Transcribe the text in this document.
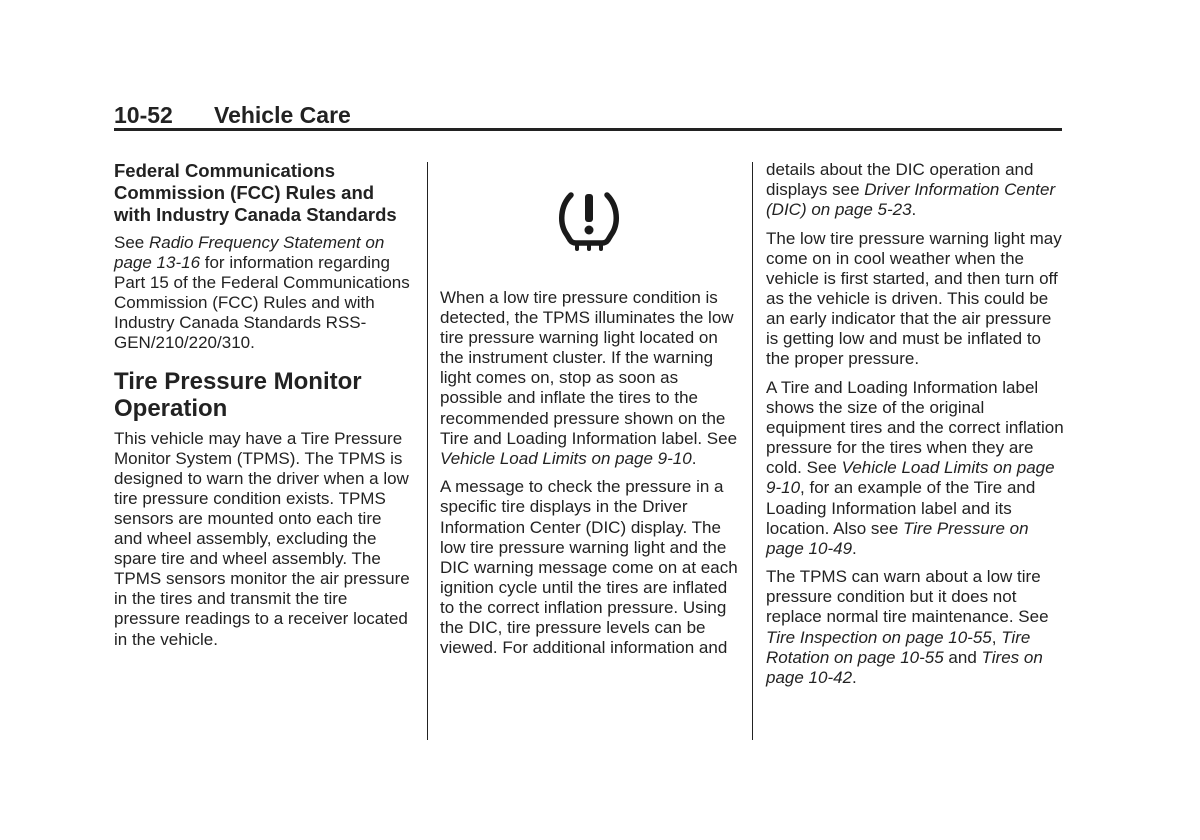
10-52 Vehicle Care
Federal Communications Commission (FCC) Rules and with Industry Canada Standards

See Radio Frequency Statement on page 13-16 for information regarding Part 15 of the Federal Communications Commission (FCC) Rules and with Industry Canada Standards RSS-GEN/210/220/310.

Tire Pressure Monitor Operation

This vehicle may have a Tire Pressure Monitor System (TPMS). The TPMS is designed to warn the driver when a low tire pressure condition exists. TPMS sensors are mounted onto each tire and wheel assembly, excluding the spare tire and wheel assembly. The TPMS sensors monitor the air pressure in the tires and transmit the tire pressure readings to a receiver located in the vehicle.

When a low tire pressure condition is detected, the TPMS illuminates the low tire pressure warning light located on the instrument cluster. If the warning light comes on, stop as soon as possible and inflate the tires to the recommended pressure shown on the Tire and Loading Information label. See Vehicle Load Limits on page 9-10.

A message to check the pressure in a specific tire displays in the Driver Information Center (DIC) display. The low tire pressure warning light and the DIC warning message come on at each ignition cycle until the tires are inflated to the correct inflation pressure. Using the DIC, tire pressure levels can be viewed. For additional information and

details about the DIC operation and displays see Driver Information Center (DIC) on page 5-23.

The low tire pressure warning light may come on in cool weather when the vehicle is first started, and then turn off as the vehicle is driven. This could be an early indicator that the air pressure is getting low and must be inflated to the proper pressure.

A Tire and Loading Information label shows the size of the original equipment tires and the correct inflation pressure for the tires when they are cold. See Vehicle Load Limits on page 9-10, for an example of the Tire and Loading Information label and its location. Also see Tire Pressure on page 10-49.

The TPMS can warn about a low tire pressure condition but it does not replace normal tire maintenance. See Tire Inspection on page 10-55, Tire Rotation on page 10-55 and Tires on page 10-42.
